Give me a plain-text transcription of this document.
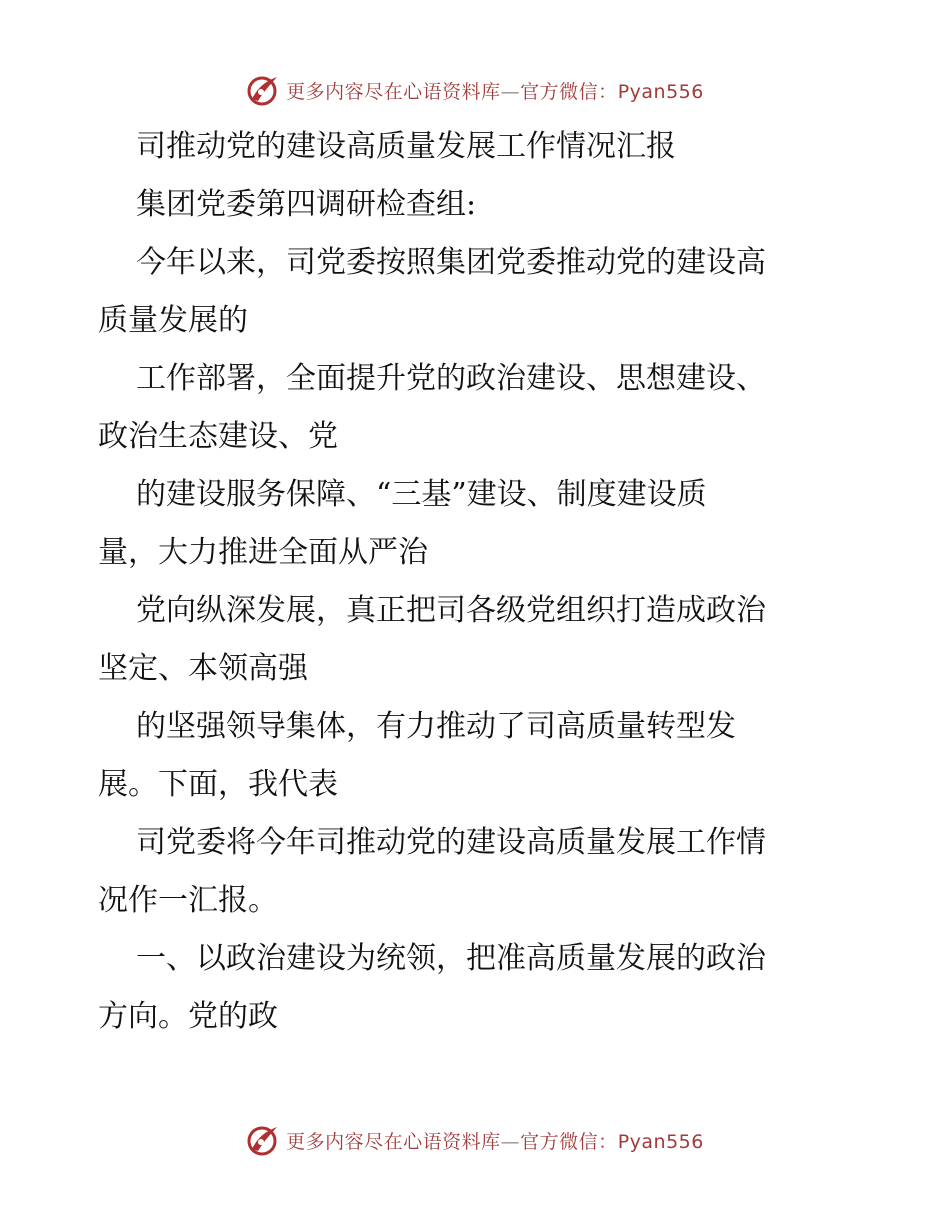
更多内容尽在心语资料库—官方微信：Pyan556
司推动党的建设高质量发展工作情况汇报
集团党委第四调研检查组:
今年以来，司党委按照集团党委推动党的建设高
质量发展的
工作部署，全面提升党的政治建设、思想建设、
政治生态建设、党
的建设服务保障、“三基”建设、制度建设质
量，大力推进全面从严治
党向纵深发展，真正把司各级党组织打造成政治
坚定、本领高强
的坚强领导集体，有力推动了司高质量转型发
展。下面，我代表
司党委将今年司推动党的建设高质量发展工作情
况作一汇报。
一、以政治建设为统领，把准高质量发展的政治
方向。党的政
更多内容尽在心语资料库—官方微信：Pyan556
